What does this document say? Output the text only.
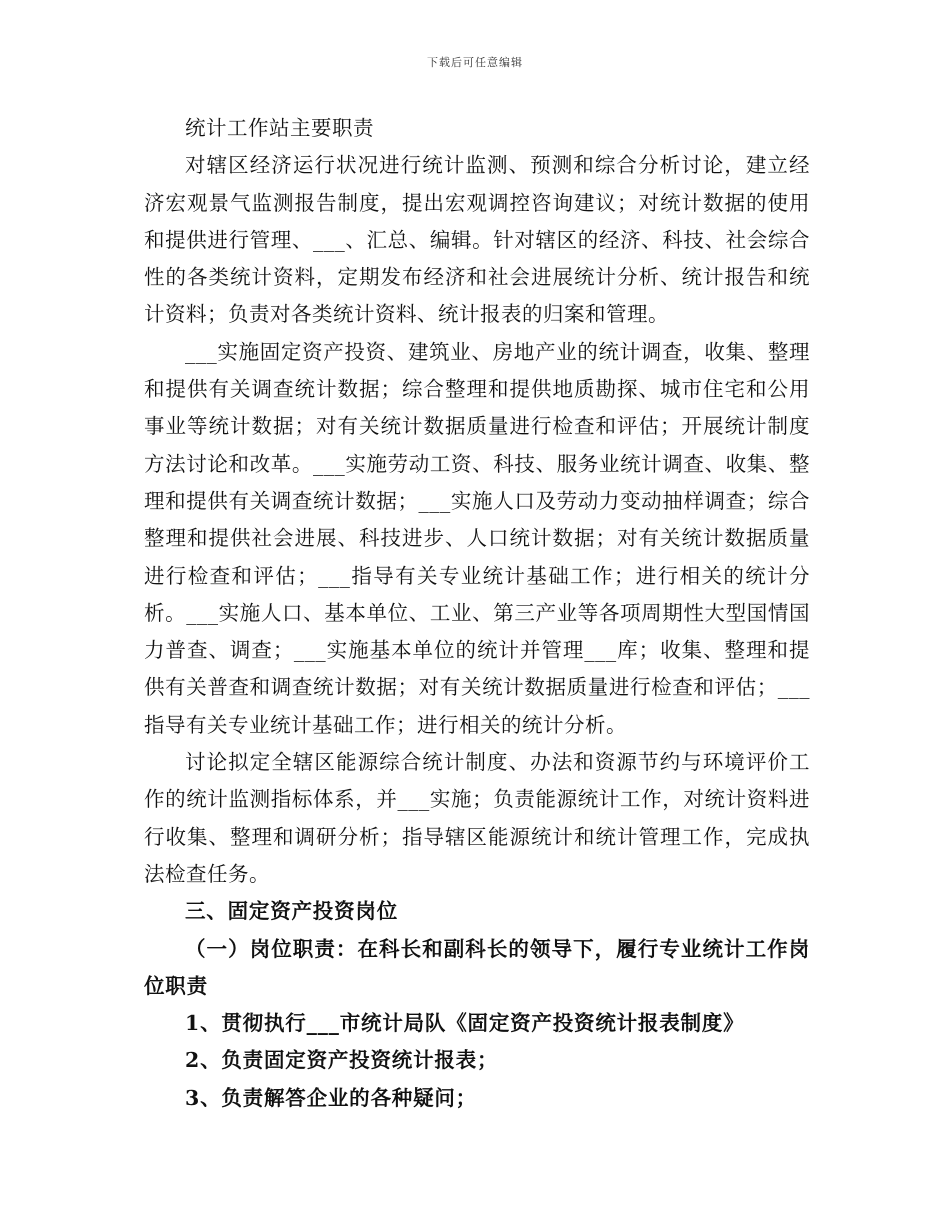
下载后可任意编辑

统计工作站主要职责

对辖区经济运行状况进行统计监测、预测和综合分析讨论，建立经济宏观景气监测报告制度，提出宏观调控咨询建议；对统计数据的使用和提供进行管理、___、汇总、编辑。针对辖区的经济、科技、社会综合性的各类统计资料，定期发布经济和社会进展统计分析、统计报告和统计资料；负责对各类统计资料、统计报表的归案和管理。

___实施固定资产投资、建筑业、房地产业的统计调查，收集、整理和提供有关调查统计数据；综合整理和提供地质勘探、城市住宅和公用事业等统计数据；对有关统计数据质量进行检查和评估；开展统计制度方法讨论和改革。___实施劳动工资、科技、服务业统计调查、收集、整理和提供有关调查统计数据；___实施人口及劳动力变动抽样调查；综合整理和提供社会进展、科技进步、人口统计数据；对有关统计数据质量进行检查和评估；___指导有关专业统计基础工作；进行相关的统计分析。___实施人口、基本单位、工业、第三产业等各项周期性大型国情国力普查、调查；___实施基本单位的统计并管理___库；收集、整理和提供有关普查和调查统计数据；对有关统计数据质量进行检查和评估；___指导有关专业统计基础工作；进行相关的统计分析。

讨论拟定全辖区能源综合统计制度、办法和资源节约与环境评价工作的统计监测指标体系，并___实施；负责能源统计工作，对统计资料进行收集、整理和调研分析；指导辖区能源统计和统计管理工作，完成执法检查任务。

三、固定资产投资岗位

（一）岗位职责：在科长和副科长的领导下，履行专业统计工作岗位职责

1、贯彻执行___市统计局队《固定资产投资统计报表制度》

2、负责固定资产投资统计报表；

3、负责解答企业的各种疑问；
